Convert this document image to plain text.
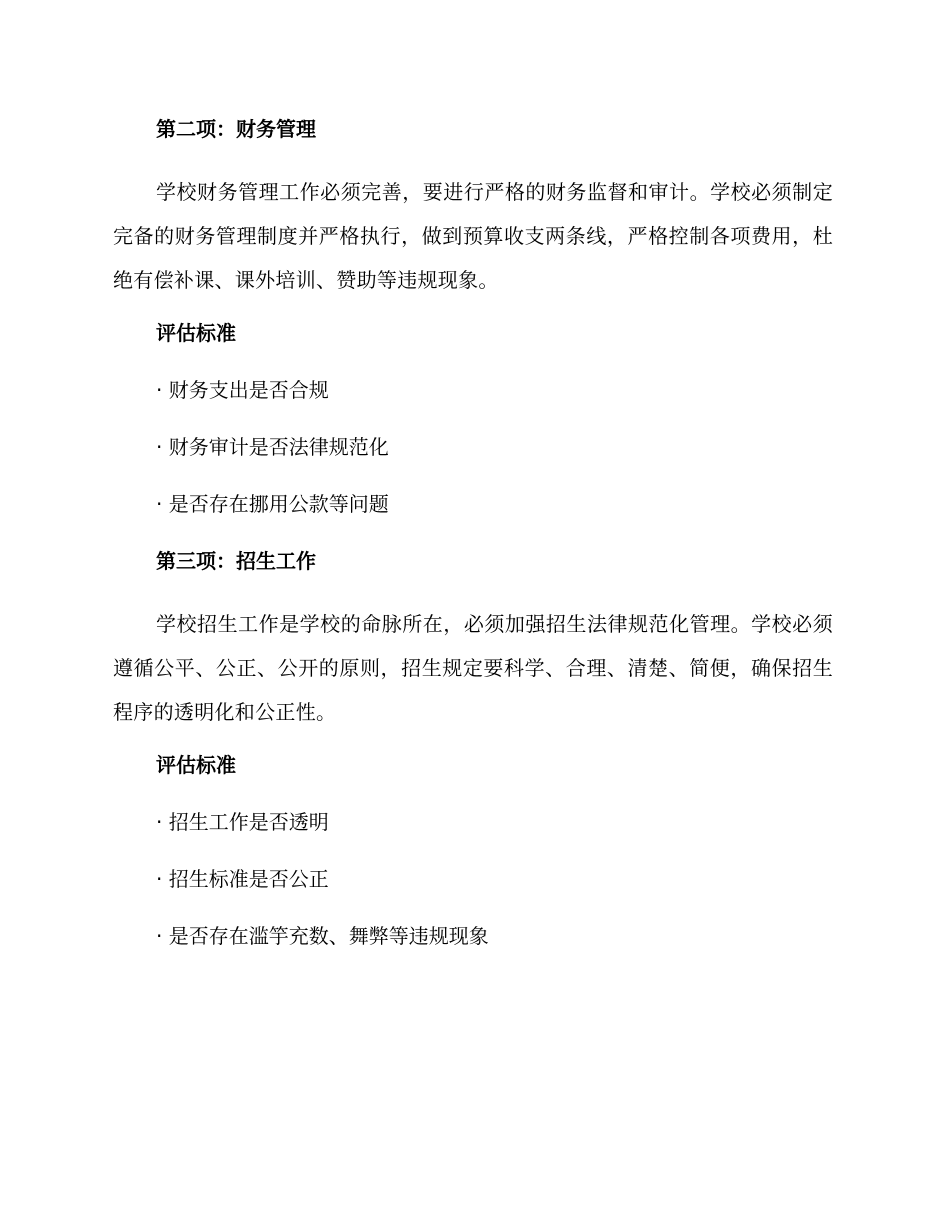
第二项：财务管理
学校财务管理工作必须完善，要进行严格的财务监督和审计。学校必须制定完备的财务管理制度并严格执行，做到预算收支两条线，严格控制各项费用，杜绝有偿补课、课外培训、赞助等违规现象。
评估标准
· 财务支出是否合规
· 财务审计是否法律规范化
· 是否存在挪用公款等问题
第三项：招生工作
学校招生工作是学校的命脉所在，必须加强招生法律规范化管理。学校必须遵循公平、公正、公开的原则，招生规定要科学、合理、清楚、简便，确保招生程序的透明化和公正性。
评估标准
· 招生工作是否透明
· 招生标准是否公正
· 是否存在滥竽充数、舞弊等违规现象
